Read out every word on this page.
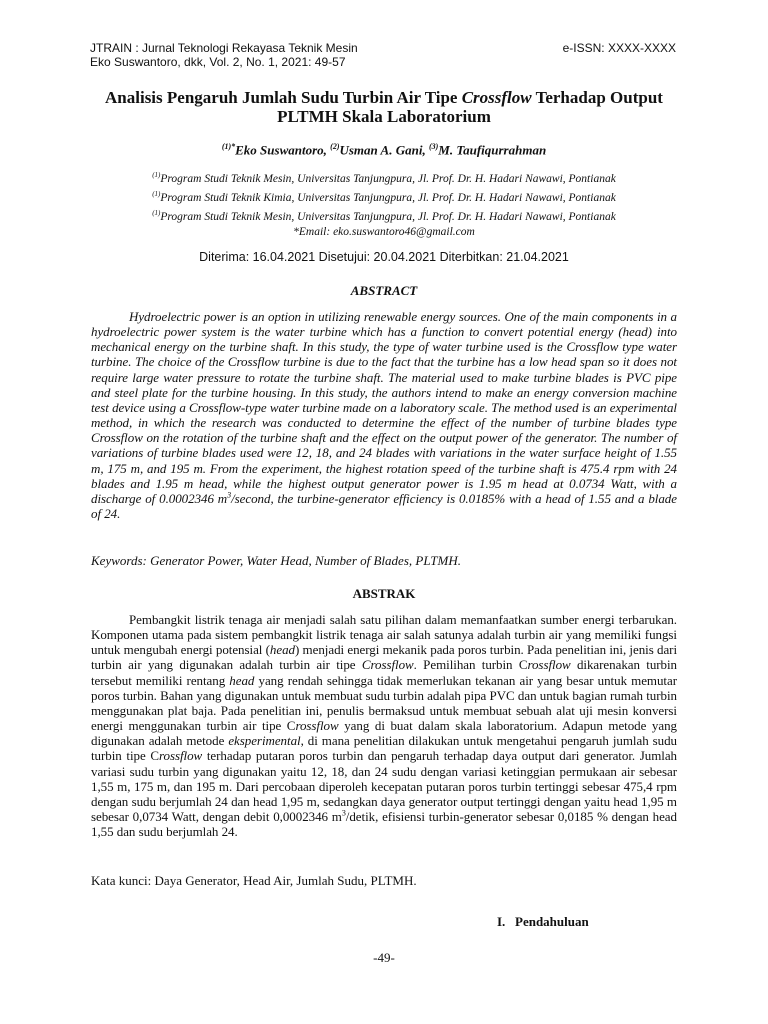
JTRAIN : Jurnal Teknologi Rekayasa Teknik Mesin	e-ISSN: XXXX-XXXX
Eko Suswantoro, dkk, Vol. 2, No. 1, 2021: 49-57
Analisis Pengaruh Jumlah Sudu Turbin Air Tipe Crossflow Terhadap Output PLTMH Skala Laboratorium
$^{(1)*}$Eko Suswantoro, $^{(2)}$Usman A. Gani, $^{(3)}$M. Taufiqurrahman
$^{(1)}$Program Studi Teknik Mesin, Universitas Tanjungpura, Jl. Prof. Dr. H. Hadari Nawawi, Pontianak
$^{(1)}$Program Studi Teknik Kimia, Universitas Tanjungpura, Jl. Prof. Dr. H. Hadari Nawawi, Pontianak
$^{(1)}$Program Studi Teknik Mesin, Universitas Tanjungpura, Jl. Prof. Dr. H. Hadari Nawawi, Pontianak
*Email: eko.suswantoro46@gmail.com
Diterima: 16.04.2021 Disetujui: 20.04.2021 Diterbitkan: 21.04.2021
ABSTRACT

Hydroelectric power is an option in utilizing renewable energy sources. One of the main components in a hydroelectric power system is the water turbine which has a function to convert potential energy (head) into mechanical energy on the turbine shaft. In this study, the type of water turbine used is the Crossflow type water turbine. The choice of the Crossflow turbine is due to the fact that the turbine has a low head span so it does not require large water pressure to rotate the turbine shaft. The material used to make turbine blades is PVC pipe and steel plate for the turbine housing. In this study, the authors intend to make an energy conversion machine test device using a Crossflow-type water turbine made on a laboratory scale. The method used is an experimental method, in which the research was conducted to determine the effect of the number of turbine blades type Crossflow on the rotation of the turbine shaft and the effect on the output power of the generator. The number of variations of turbine blades used were 12, 18, and 24 blades with variations in the water surface height of 1.55 m, 175 m, and 195 m. From the experiment, the highest rotation speed of the turbine shaft is 475.4 rpm with 24 blades and 1.95 m head, while the highest output generator power is 1.95 m head at 0.0734 Watt, with a discharge of 0.0002346 $m^3$/second, the turbine-generator efficiency is 0.0185% with a head of 1.55 and a blade of 24.

Keywords: Generator Power, Water Head, Number of Blades, PLTMH.
ABSTRAK

Pembangkit listrik tenaga air menjadi salah satu pilihan dalam memanfaatkan sumber energi terbarukan. Komponen utama pada sistem pembangkit listrik tenaga air salah satunya adalah turbin air yang memiliki fungsi untuk mengubah energi potensial (head) menjadi energi mekanik pada poros turbin. Pada penelitian ini, jenis dari turbin air yang digunakan adalah turbin air tipe Crossflow. Pemilihan turbin Crossflow dikarenakan turbin tersebut memiliki rentang head yang rendah sehingga tidak memerlukan tekanan air yang besar untuk memutar poros turbin. Bahan yang digunakan untuk membuat sudu turbin adalah pipa PVC dan untuk bagian rumah turbin menggunakan plat baja. Pada penelitian ini, penulis bermaksud untuk membuat sebuah alat uji mesin konversi energi menggunakan turbin air tipe Crossflow yang di buat dalam skala laboratorium. Adapun metode yang digunakan adalah metode eksperimental, di mana penelitian dilakukan untuk mengetahui pengaruh jumlah sudu turbin tipe Crossflow terhadap putaran poros turbin dan pengaruh terhadap daya output dari generator. Jumlah variasi sudu turbin yang digunakan yaitu 12, 18, dan 24 sudu dengan variasi ketinggian permukaan air sebesar 1,55 m, 175 m, dan 195 m. Dari percobaan diperoleh kecepatan putaran poros turbin tertinggi sebesar 475,4 rpm dengan sudu berjumlah 24 dan head 1,95 m, sedangkan daya generator output tertinggi dengan yaitu head 1,95 m sebesar 0,0734 Watt, dengan debit 0,0002346 $m^3$/detik, efisiensi turbin-generator sebesar 0,0185 % dengan head 1,55 dan sudu berjumlah 24.

Kata kunci: Daya Generator, Head Air, Jumlah Sudu, PLTMH.
I. Pendahuluan
-49-
